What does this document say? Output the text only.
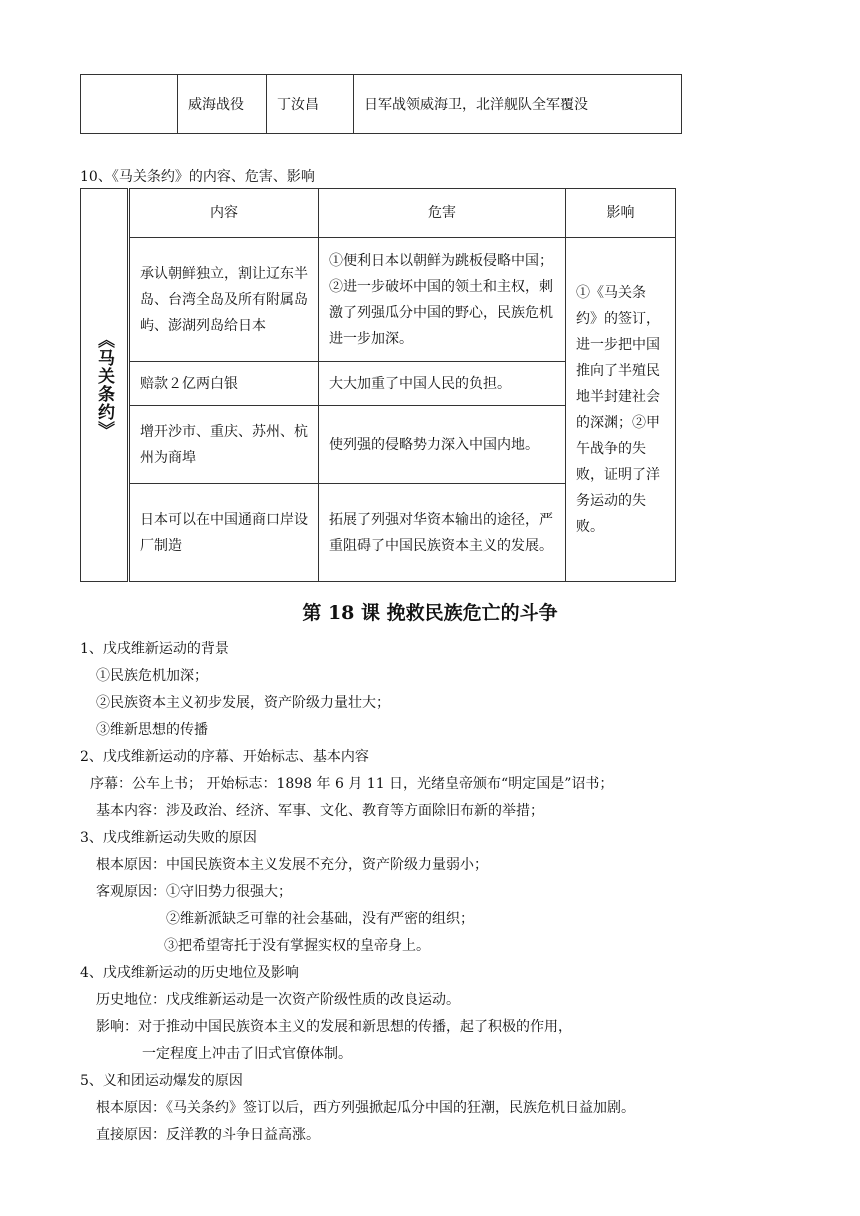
	威海战役	丁汝昌	日军战领威海卫，北洋舰队全军覆没
10、《马关条约》的内容、危害、影响
《马关条约》	内容	危害	影响
	承认朝鲜独立，割让辽东半岛、台湾全岛及所有附属岛屿、澎湖列岛给日本	①便利日本以朝鲜为跳板侵略中国；②进一步破坏中国的领土和主权，刺激了列强瓜分中国的野心，民族危机进一步加深。	①《马关条约》的签订，进一步把中国推向了半殖民地半封建社会的深渊；②甲午战争的失败，证明了洋务运动的失败。
	赔款２亿两白银	大大加重了中国人民的负担。	
	增开沙市、重庆、苏州、杭州为商埠	使列强的侵略势力深入中国内地。	
	日本可以在中国通商口岸设厂制造	拓展了列强对华资本输出的途径，严重阻碍了中国民族资本主义的发展。	
第 18 课 挽救民族危亡的斗争
1、戊戌维新运动的背景
①民族危机加深；
②民族资本主义初步发展，资产阶级力量壮大；
③维新思想的传播
2、戊戌维新运动的序幕、开始标志、基本内容
序幕：公车上书； 开始标志：1898 年 6 月 11 日，光绪皇帝颁布“明定国是”诏书；
基本内容：涉及政治、经济、军事、文化、教育等方面除旧布新的举措；
3、戊戌维新运动失败的原因
根本原因：中国民族资本主义发展不充分，资产阶级力量弱小；
客观原因：①守旧势力很强大；
②维新派缺乏可靠的社会基础，没有严密的组织；
③把希望寄托于没有掌握实权的皇帝身上。
4、戊戌维新运动的历史地位及影响
历史地位：戊戌维新运动是一次资产阶级性质的改良运动。
影响：对于推动中国民族资本主义的发展和新思想的传播，起了积极的作用，
一定程度上冲击了旧式官僚体制。
5、义和团运动爆发的原因
根本原因：《马关条约》签订以后，西方列强掀起瓜分中国的狂潮，民族危机日益加剧。
直接原因：反洋教的斗争日益高涨。
